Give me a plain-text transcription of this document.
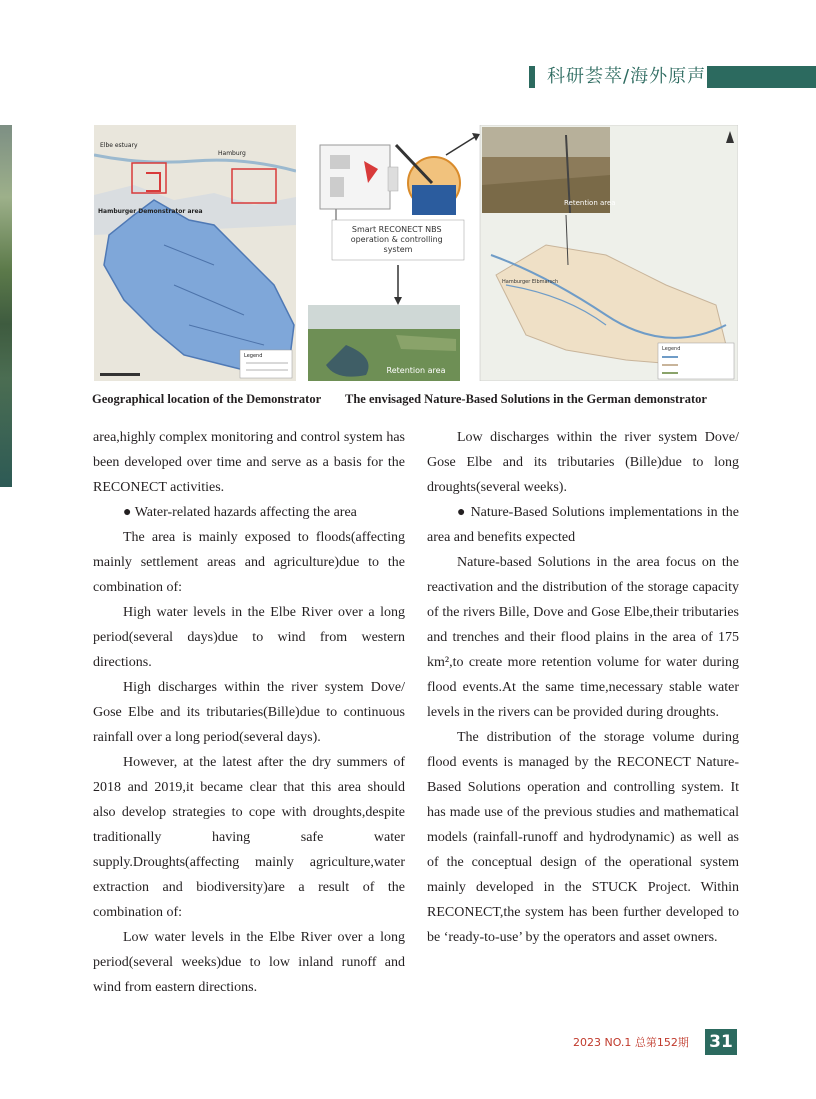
科研荟萃/海外原声
Elbe estuary
Hamburg
Hamburger Demonstrator area
Legend
Smart RECONECT NBS operation & controlling system
Retention area
Retention area
Hamburger Elbmarsch
Legend
Geographical location of the Demonstrator The envisaged Nature-Based Solutions in the German demonstrator

area,highly complex monitoring and control system has been developed over time and serve as a basis for the RECONECT activities.

● Water-related hazards affecting the area

The area is mainly exposed to floods(affecting mainly settlement areas and agriculture)due to the combination of:

High water levels in the Elbe River over a long period(several days)due to wind from western directions.

High discharges within the river system Dove/ Gose Elbe and its tributaries(Bille)due to continuous rainfall over a long period(several days).

However, at the latest after the dry summers of 2018 and 2019,it became clear that this area should also develop strategies to cope with droughts,despite traditionally having safe water supply.Droughts(affecting mainly agriculture,water extraction and biodiversity)are a result of the combination of:

Low water levels in the Elbe River over a long period(several weeks)due to low inland runoff and wind from eastern directions.

Low discharges within the river system Dove/ Gose Elbe and its tributaries (Bille)due to long droughts(several weeks).

● Nature-Based Solutions implementations in the area and benefits expected

Nature-based Solutions in the area focus on the reactivation and the distribution of the storage capacity of the rivers Bille, Dove and Gose Elbe,their tributaries and trenches and their flood plains in the area of 175 km²,to create more retention volume for water during flood events.At the same time,necessary stable water levels in the rivers can be provided during droughts.

The distribution of the storage volume during flood events is managed by the RECONECT Nature-Based Solutions operation and controlling system. It has made use of the previous studies and mathematical models (rainfall-runoff and hydrodynamic) as well as of the conceptual design of the operational system mainly developed in the STUCK Project. Within RECONECT,the system has been further developed to be ‘ready-to-use’ by the operators and asset owners.

2023 NO.1 总第152期 31
